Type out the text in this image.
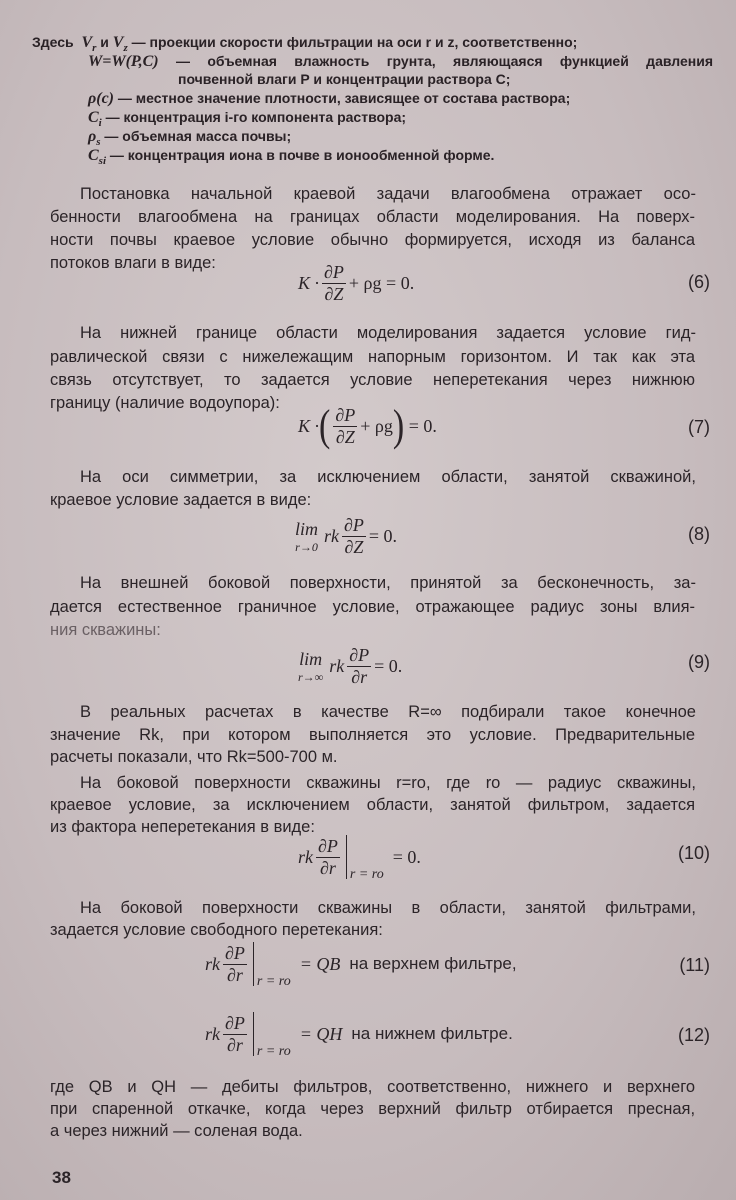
Здесь $V_r$ и $V_z$ — проекции скорости фильтрации на оси r и z, соответственно;
W=W(P,C) — объемная влажность грунта, являющаяся функцией давления
почвенной влаги P и концентрации раствора C;
ρ(c) — местное значение плотности, зависящее от состава раствора;
$C_i$ — концентрация i-го компонента раствора;
$\rho_s$ — объемная масса почвы;
$C_{si}$ — концентрация иона в почве в ионообменной форме.
Постановка начальной краевой задачи влагообмена отражает осо-
бенности влагообмена на границах области моделирования. На поверх-
ности почвы краевое условие обычно формируется, исходя из баланса
потоков влаги в виде:
$K \cdot \frac{\partial P}{\partial Z} + \rho g = 0$.	(6)
На нижней границе области моделирования задается условие гид-
равлической связи с нижележащим напорным горизонтом. И так как эта
связь отсутствует, то задается условие неперетекания через нижнюю
границу (наличие водоупора):
K · ( $\frac{\partial P}{\partial Z} + \rho g$ )
= 0.	(7)
На оси симметрии, за исключением области, занятой скважиной,
краевое условие задается в виде:
lim
r→0
rk $\frac{\partial P}{\partial Z} = 0$.	(8)
На внешней боковой поверхности, принятой за бесконечность, за-
дается естественное граничное условие, отражающее радиус зоны влия-
ния скважины:
lim
r→∞
rk $\frac{\partial P}{\partial r} = 0$.	(9)
В реальных расчетах в качестве R=∞ подбирали такое конечное
значение Rk, при котором выполняется это условие. Предварительные
расчеты показали, что Rk=500-700 м.
На боковой поверхности скважины r=ro, где ro — радиус скважины,
краевое условие, за исключением области, занятой фильтром, задается
из фактора неперетекания в виде:
rk $\frac{\partial P}{\partial r}$ r = ro

= 0.	(10)
На боковой поверхности скважины в области, занятой фильтрами,
задается условие свободного перетекания:
rk $\frac{\partial P}{\partial r}$ r = ro

= QB
на верхнем фильтре,	(11)
rk $\frac{\partial P}{\partial r}$ r = ro

= QH
на нижнем фильтре.	(12)
где QB и QH — дебиты фильтров, соответственно, нижнего и верхнего
при спаренной откачке, когда через верхний фильтр отбирается пресная,
а через нижний — соленая вода.
38
